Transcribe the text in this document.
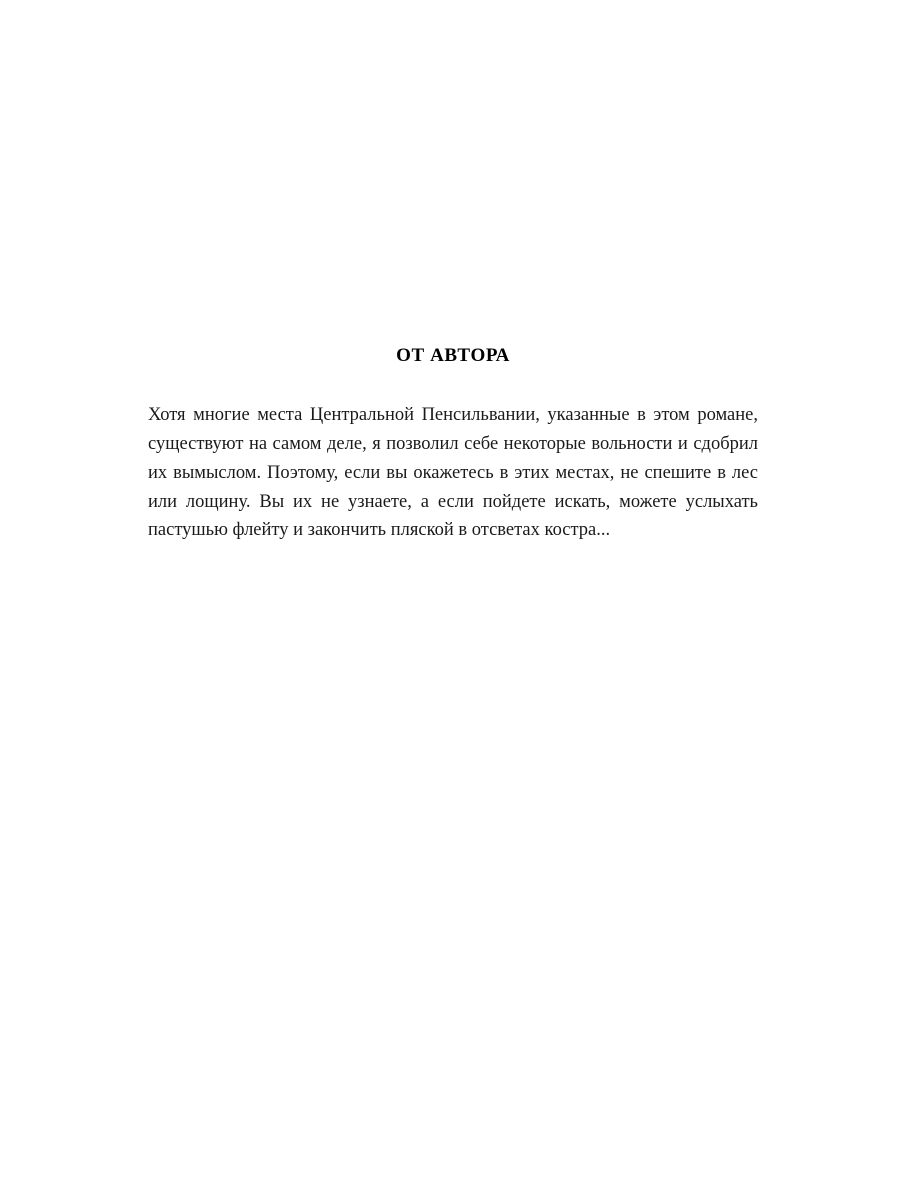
ОТ АВТОРА

Хотя многие места Центральной Пенсильвании, указанные в этом романе, существуют на самом деле, я позволил себе некоторые вольности и сдобрил их вымыслом. Поэтому, если вы окажетесь в этих местах, не спешите в лес или лощину. Вы их не узнаете, а если пойдете искать, можете услыхать пастушью флейту и закончить пляской в отсветах костра...
